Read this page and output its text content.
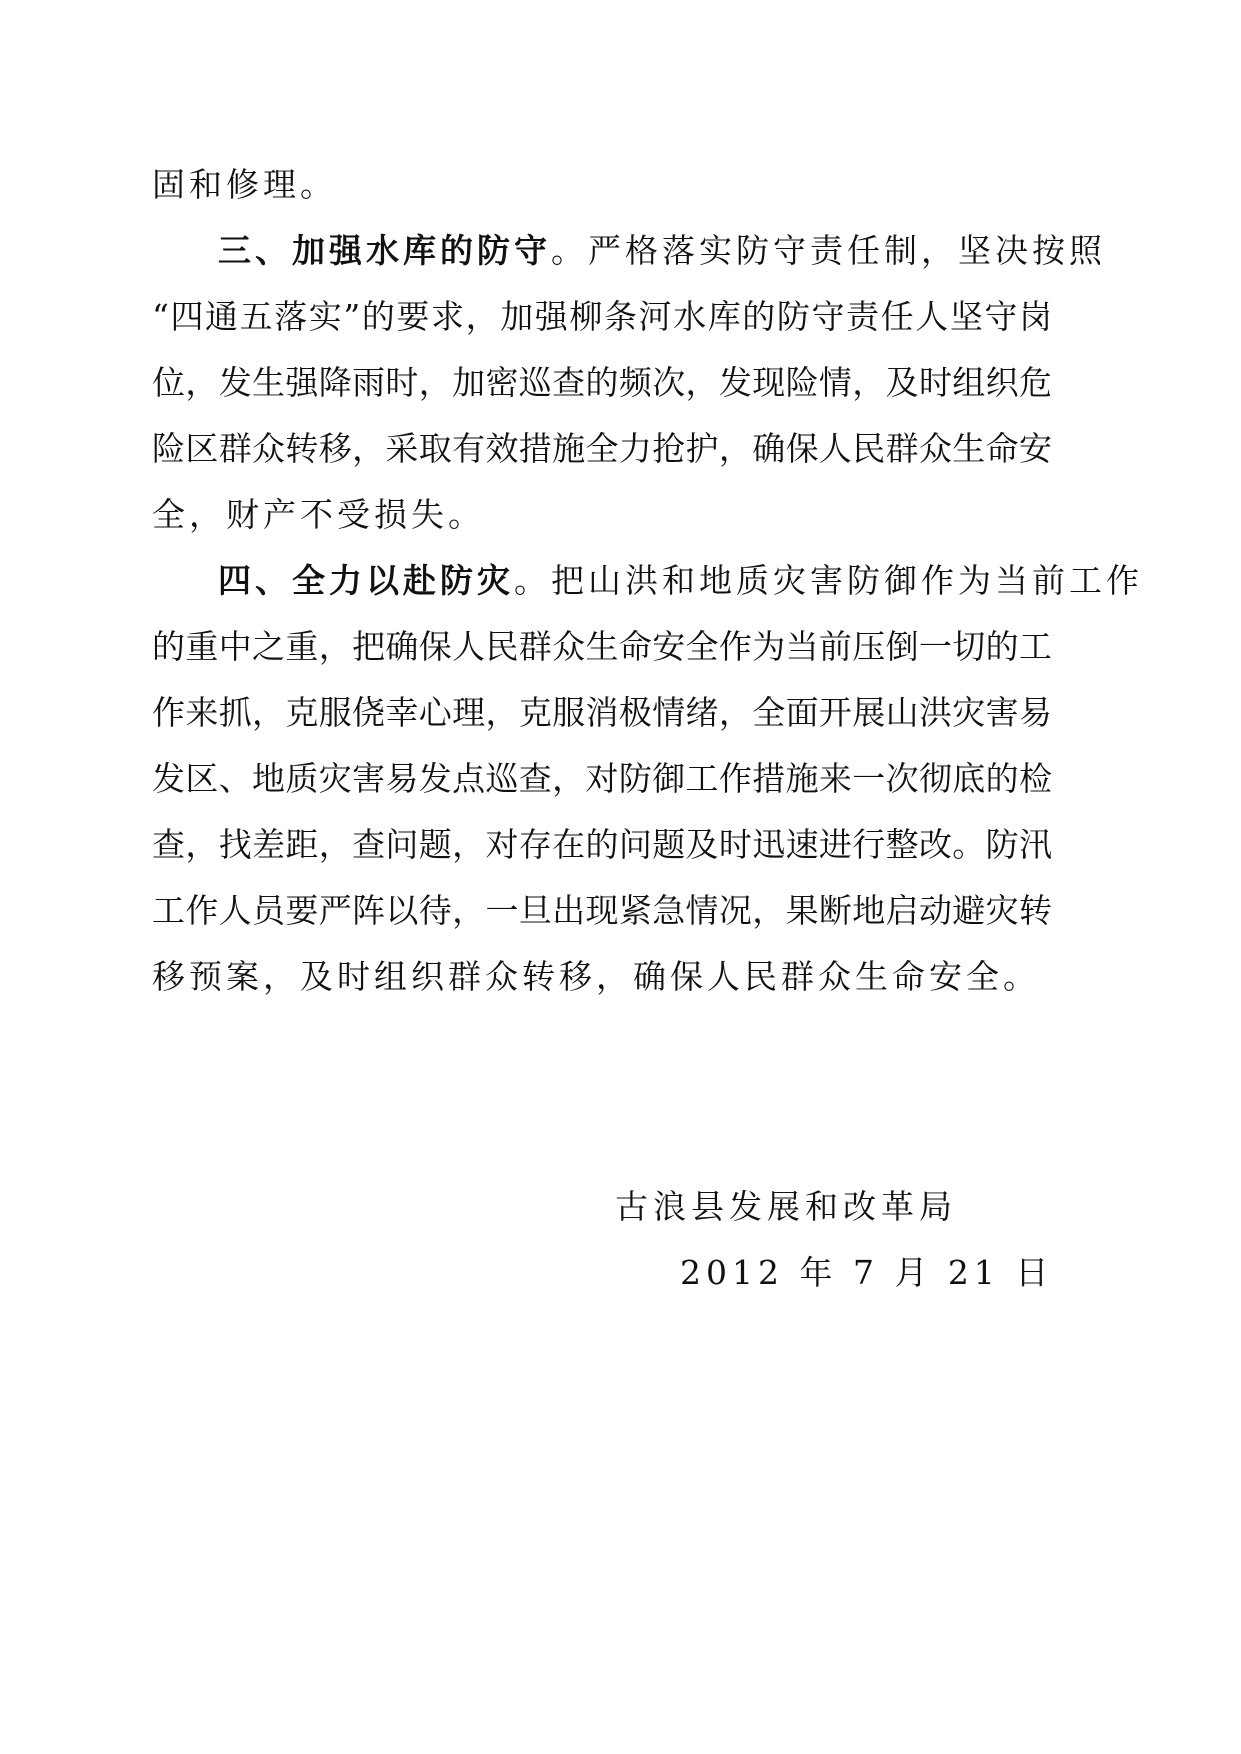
固和修理。
三、加强水库的防守。严格落实防守责任制，坚决按照
“四通五落实”的要求，加强柳条河水库的防守责任人坚守岗
位，发生强降雨时，加密巡查的频次，发现险情，及时组织危
险区群众转移，采取有效措施全力抢护，确保人民群众生命安
全，财产不受损失。
四、全力以赴防灾。把山洪和地质灾害防御作为当前工作
的重中之重，把确保人民群众生命安全作为当前压倒一切的工
作来抓，克服侥幸心理，克服消极情绪，全面开展山洪灾害易
发区、地质灾害易发点巡查，对防御工作措施来一次彻底的检
查，找差距，查问题，对存在的问题及时迅速进行整改。防汛
工作人员要严阵以待，一旦出现紧急情况，果断地启动避灾转
移预案，及时组织群众转移，确保人民群众生命安全。
古浪县发展和改革局
2012 年 7 月 21 日
